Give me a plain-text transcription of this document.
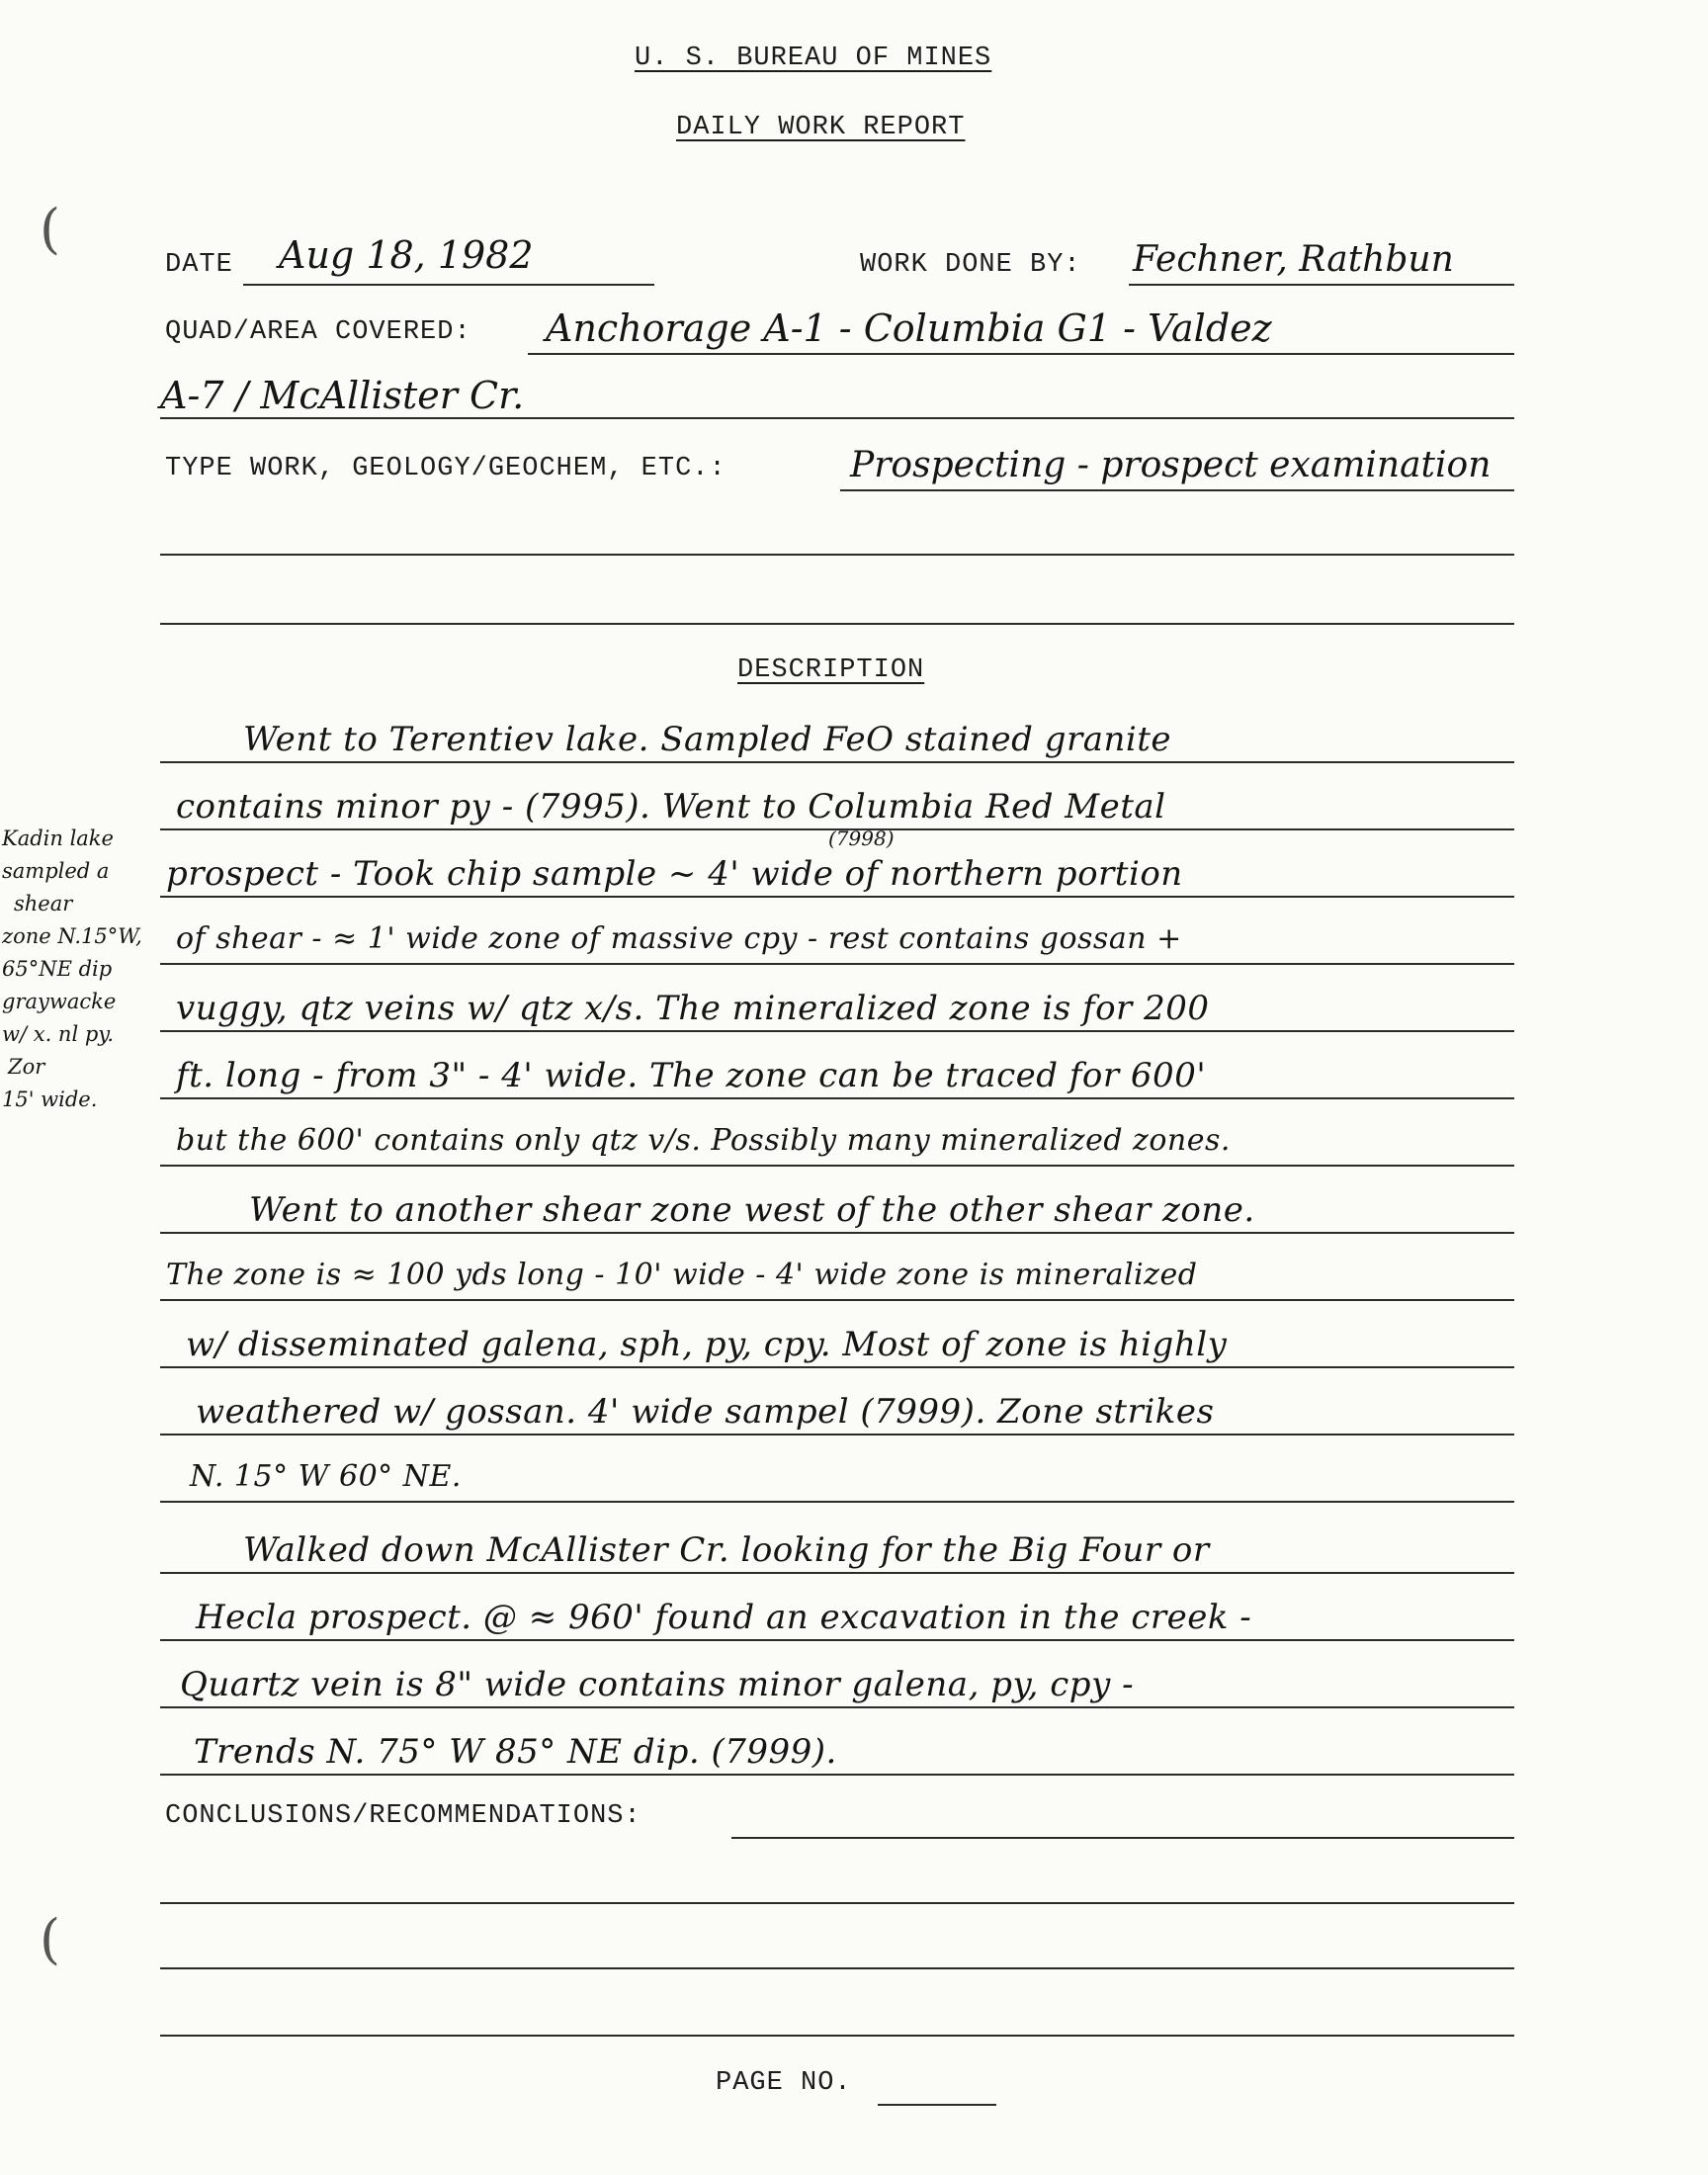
(
(
U. S. BUREAU OF MINES
DAILY WORK REPORT
DATE Aug 18, 1982	WORK DONE BY: Fechner, Rathbun
QUAD/AREA COVERED: Anchorage A-1 - Columbia G1 - Valdez
A-7 / McAllister Cr.
TYPE WORK, GEOLOGY/GEOCHEM, ETC.:	Prospecting - prospect examination
DESCRIPTION
Went to Terentiev lake. Sampled FeO stained granite
contains minor py - (7995). Went to Columbia Red Metal
(7998)
prospect - Took chip sample ~ 4' wide of northern portion
of shear - ≈ 1' wide zone of massive cpy - rest contains gossan +
vuggy, qtz veins w/ qtz x/s. The mineralized zone is for 200
ft. long - from 3" - 4' wide. The zone can be traced for 600'
but the 600' contains only qtz v/s. Possibly many mineralized zones.
Went to another shear zone west of the other shear zone.
The zone is ≈ 100 yds long - 10' wide - 4' wide zone is mineralized
w/ disseminated galena, sph, py, cpy. Most of zone is highly
weathered w/ gossan. 4' wide sampel (7999). Zone strikes
N. 15° W 60° NE.
Walked down McAllister Cr. looking for the Big Four or
Hecla prospect. @ ≈ 960' found an excavation in the creek -
Quartz vein is 8" wide contains minor galena, py, cpy -
Trends N. 75° W 85° NE dip. (7999).
Kadin lake
sampled a
shear
zone N.15°W,
65°NE dip
graywacke
w/ x. nl py.
Zor
15' wide.
CONCLUSIONS/RECOMMENDATIONS:
PAGE NO.
